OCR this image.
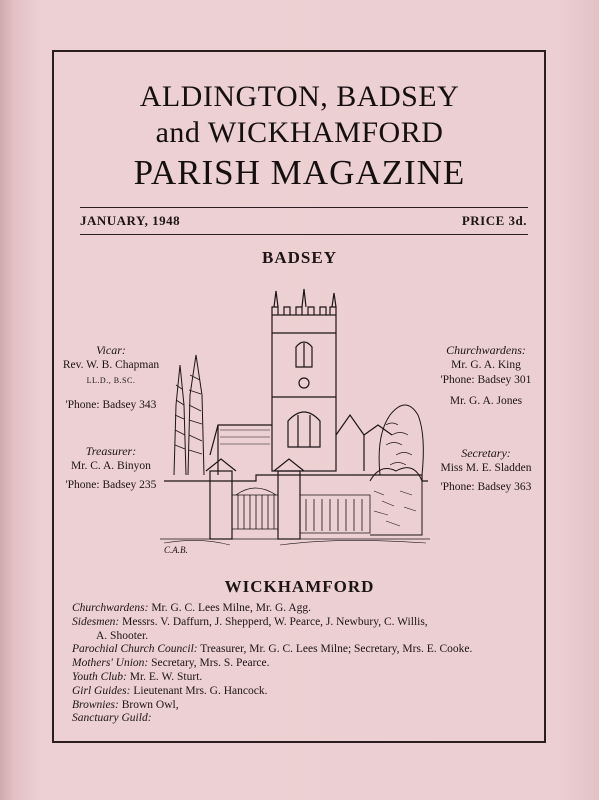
ALDINGTON, BADSEY
and WICKHAMFORD
PARISH MAGAZINE
JANUARY, 1948	PRICE 3d.
BADSEY
Vicar:
Rev. W. B. Chapman
LL.D., B.SC.
'Phone: Badsey 343
Treasurer:
Mr. C. A. Binyon
'Phone: Badsey 235
Churchwardens:
Mr. G. A. King
'Phone: Badsey 301
Mr. G. A. Jones
Secretary:
Miss M. E. Sladden
'Phone: Badsey 363
C.A.B.
WICKHAMFORD
Churchwardens: Mr. G. C. Lees Milne, Mr. G. Agg.
Sidesmen: Messrs. V. Daffurn, J. Shepperd, W. Pearce, J. Newbury, C. Willis,
A. Shooter.
Parochial Church Council: Treasurer, Mr. G. C. Lees Milne; Secretary, Mrs. E. Cooke.
Mothers' Union: Secretary, Mrs. S. Pearce.
Youth Club: Mr. E. W. Sturt.
Girl Guides: Lieutenant Mrs. G. Hancock.
Brownies: Brown Owl,
Sanctuary Guild:
